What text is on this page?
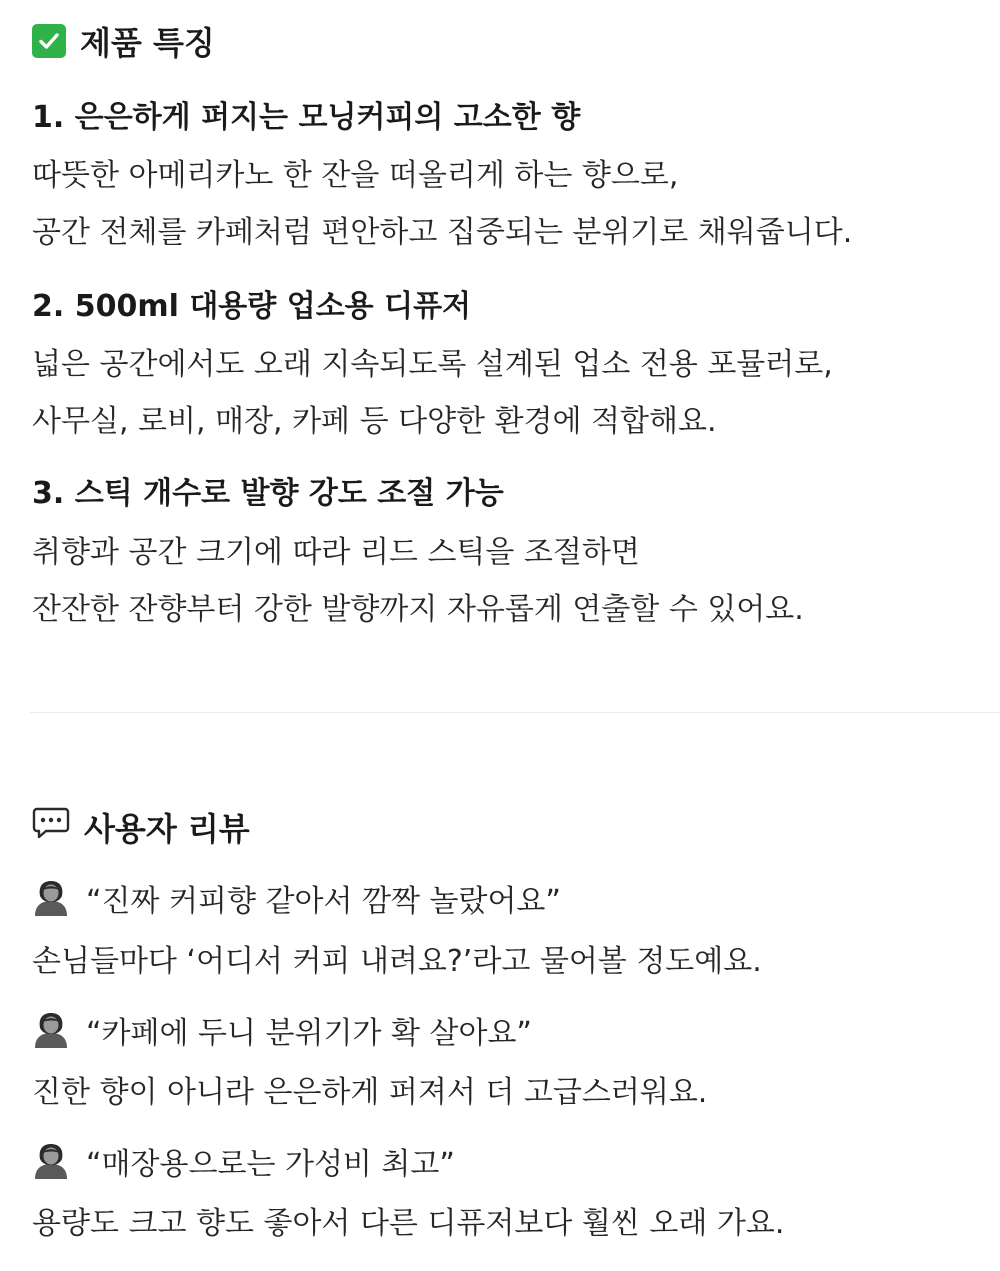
제품 특징
1. 은은하게 퍼지는 모닝커피의 고소한 향
따뜻한 아메리카노 한 잔을 떠올리게 하는 향으로,
공간 전체를 카페처럼 편안하고 집중되는 분위기로 채워줍니다.
2. 500ml 대용량 업소용 디퓨저
넓은 공간에서도 오래 지속되도록 설계된 업소 전용 포뮬러로,
사무실, 로비, 매장, 카페 등 다양한 환경에 적합해요.
3. 스틱 개수로 발향 강도 조절 가능
취향과 공간 크기에 따라 리드 스틱을 조절하면
잔잔한 잔향부터 강한 발향까지 자유롭게 연출할 수 있어요.
사용자 리뷰
“진짜 커피향 같아서 깜짝 놀랐어요”
손님들마다 ‘어디서 커피 내려요?’라고 물어볼 정도예요.
“카페에 두니 분위기가 확 살아요”
진한 향이 아니라 은은하게 퍼져서 더 고급스러워요.
“매장용으로는 가성비 최고”
용량도 크고 향도 좋아서 다른 디퓨저보다 훨씬 오래 가요.
